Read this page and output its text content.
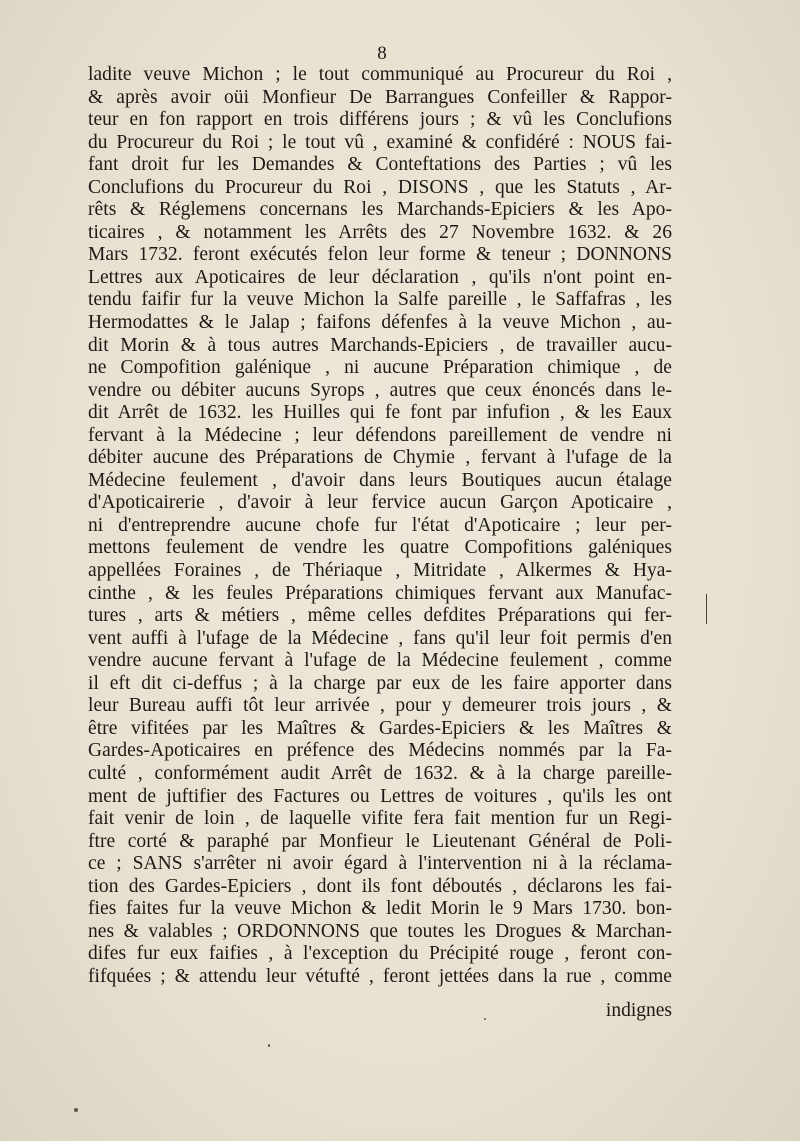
8
ladite veuve Michon ; le tout communiqué au Procureur du Roi ,
& après avoir oüi Monfieur De Barrangues Confeiller & Rappor-
teur en fon rapport en trois différens jours ; & vû les Conclufions
du Procureur du Roi ; le tout vû , examiné & confidéré : NOUS fai-
fant droit fur les Demandes & Conteftations des Parties ; vû les
Conclufions du Procureur du Roi , DISONS , que les Statuts , Ar-
rêts & Réglemens concernans les Marchands-Epiciers & les Apo-
ticaires , & notamment les Arrêts des 27 Novembre 1632. & 26
Mars 1732. feront exécutés felon leur forme & teneur ; DONNONS
Lettres aux Apoticaires de leur déclaration , qu'ils n'ont point en-
tendu faifir fur la veuve Michon la Salfe pareille , le Saffafras , les
Hermodattes & le Jalap ; faifons défenfes à la veuve Michon , au-
dit Morin & à tous autres Marchands-Epiciers , de travailler aucu-
ne Compofition galénique , ni aucune Préparation chimique , de
vendre ou débiter aucuns Syrops , autres que ceux énoncés dans le-
dit Arrêt de 1632. les Huilles qui fe font par infufion , & les Eaux
fervant à la Médecine ; leur défendons pareillement de vendre ni
débiter aucune des Préparations de Chymie , fervant à l'ufage de la
Médecine feulement , d'avoir dans leurs Boutiques aucun étalage
d'Apoticairerie , d'avoir à leur fervice aucun Garçon Apoticaire ,
ni d'entreprendre aucune chofe fur l'état d'Apoticaire ; leur per-
mettons feulement de vendre les quatre Compofitions galéniques
appellées Foraines , de Thériaque , Mitridate , Alkermes & Hya-
cinthe , & les feules Préparations chimiques fervant aux Manufac-
tures , arts & métiers , même celles defdites Préparations qui fer-
vent auffi à l'ufage de la Médecine , fans qu'il leur foit permis d'en
vendre aucune fervant à l'ufage de la Médecine feulement , comme
il eft dit ci-deffus ; à la charge par eux de les faire apporter dans
leur Bureau auffi tôt leur arrivée , pour y demeurer trois jours , &
être vifitées par les Maîtres & Gardes-Epiciers & les Maîtres &
Gardes-Apoticaires en préfence des Médecins nommés par la Fa-
culté , conformément audit Arrêt de 1632. & à la charge pareille-
ment de juftifier des Factures ou Lettres de voitures , qu'ils les ont
fait venir de loin , de laquelle vifite fera fait mention fur un Regi-
ftre corté & paraphé par Monfieur le Lieutenant Général de Poli-
ce ; SANS s'arrêter ni avoir égard à l'intervention ni à la réclama-
tion des Gardes-Epiciers , dont ils font déboutés , déclarons les fai-
fies faites fur la veuve Michon & ledit Morin le 9 Mars 1730. bon-
nes & valables ; ORDONNONS que toutes les Drogues & Marchan-
difes fur eux faifies , à l'exception du Précipité rouge , feront con-
fifquées ; & attendu leur vétufté , feront jettées dans la rue , comme
indignes
